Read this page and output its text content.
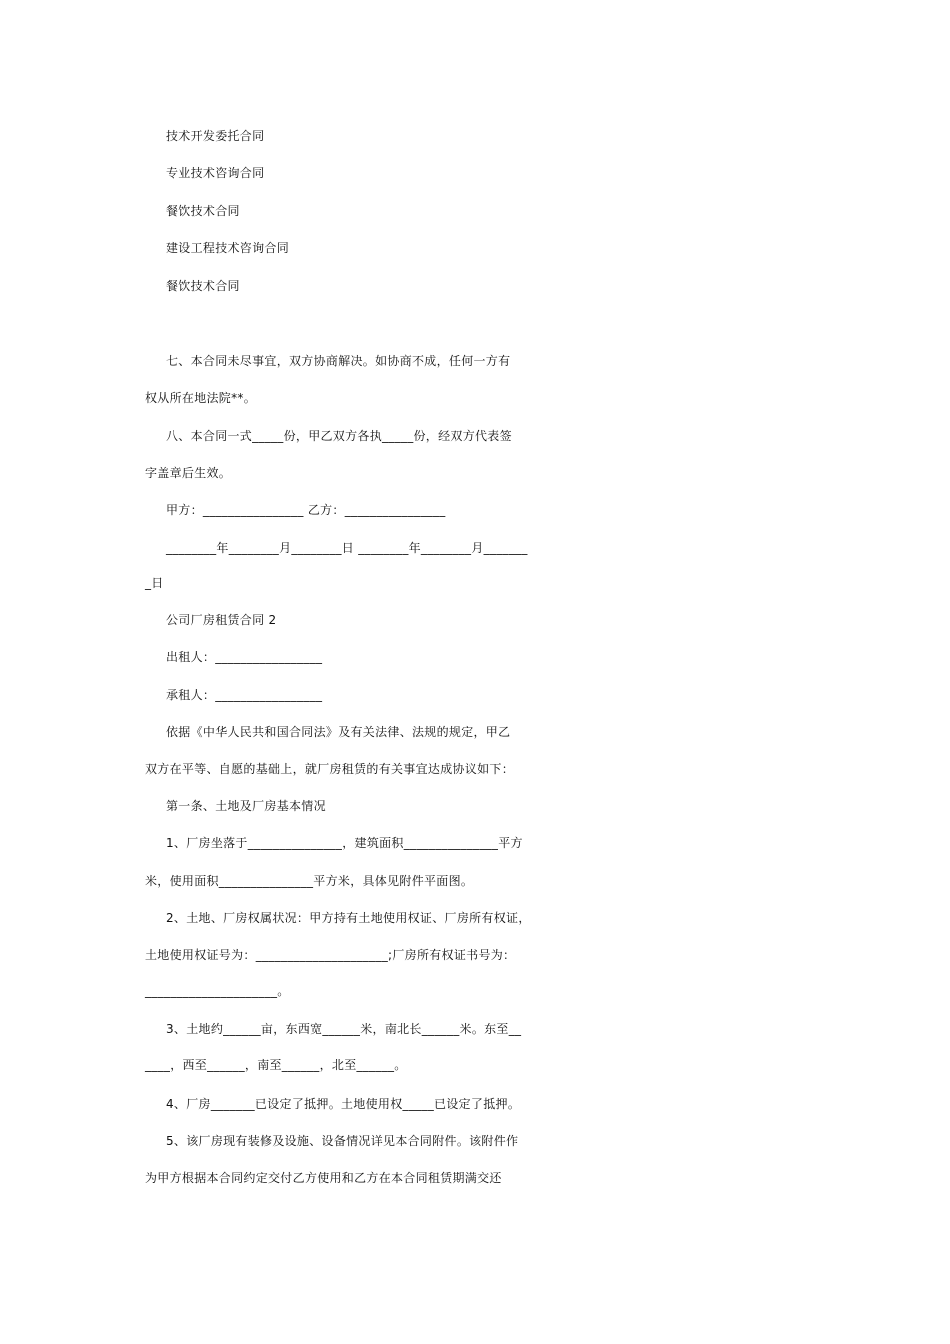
技术开发委托合同
专业技术咨询合同
餐饮技术合同
建设工程技术咨询合同
餐饮技术合同
七、本合同未尽事宜，双方协商解决。如协商不成，任何一方有
权从所在地法院**。
八、本合同一式_____份，甲乙双方各执_____份，经双方代表签
字盖章后生效。
甲方：________________ 乙方：________________
________年________月________日 ________年________月_______
_日
公司厂房租赁合同 2
出租人：_________________
承租人：_________________
依据《中华人民共和国合同法》及有关法律、法规的规定，甲乙
双方在平等、自愿的基础上，就厂房租赁的有关事宜达成协议如下：
第一条、土地及厂房基本情况
1、厂房坐落于_______________，建筑面积_______________平方
米，使用面积_______________平方米，具体见附件平面图。
2、土地、厂房权属状况：甲方持有土地使用权证、厂房所有权证，
土地使用权证号为：_____________________;厂房所有权证书号为：
_____________________。
3、土地约______亩，东西宽______米，南北长______米。东至__
____，西至______，南至______，北至______。
4、厂房_______已设定了抵押。土地使用权_____已设定了抵押。
5、该厂房现有装修及设施、设备情况详见本合同附件。该附件作
为甲方根据本合同约定交付乙方使用和乙方在本合同租赁期满交还
